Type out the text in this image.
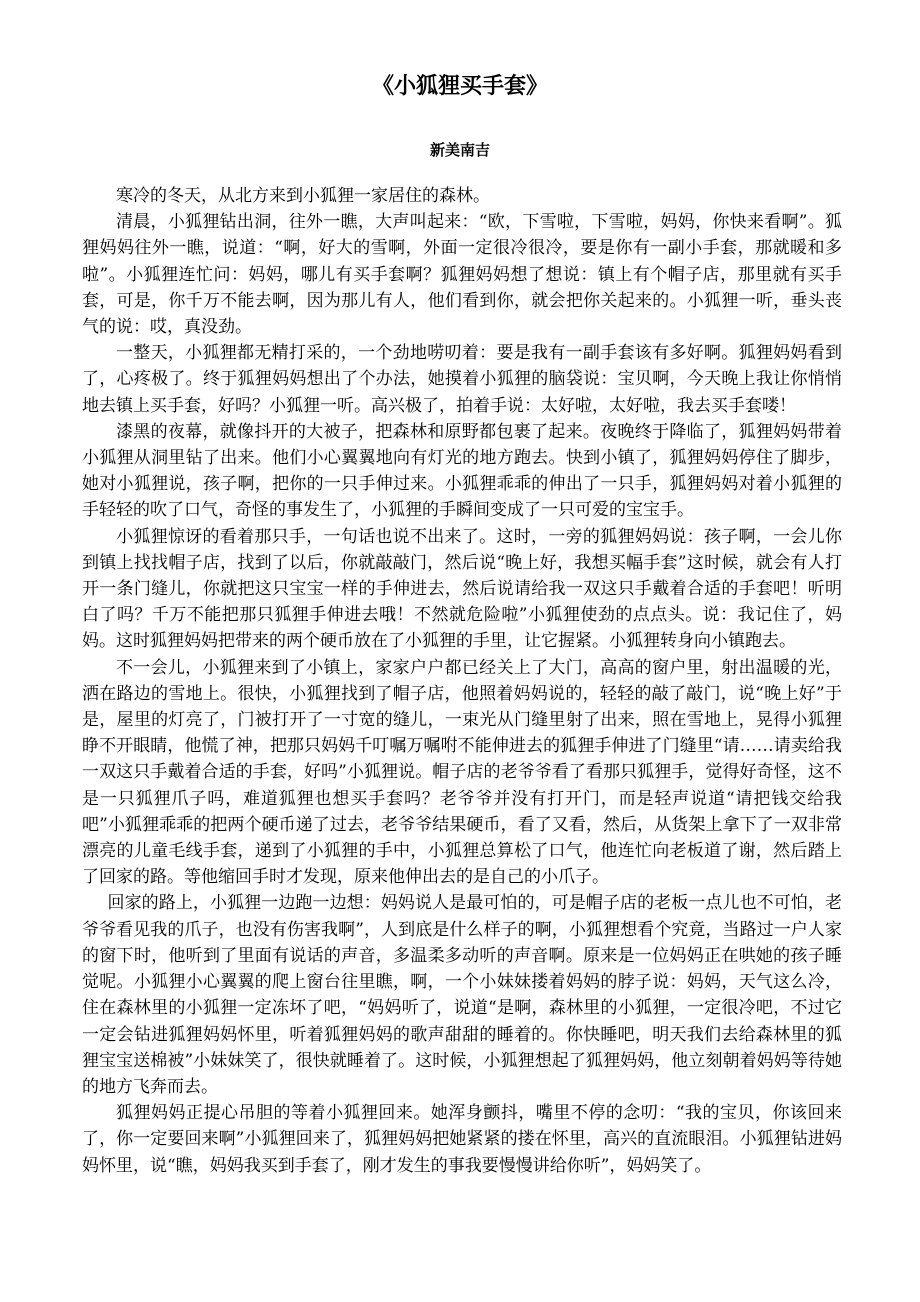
《小狐狸买手套》
新美南吉

寒冷的冬天，从北方来到小狐狸一家居住的森林。

清晨，小狐狸钻出洞，往外一瞧，大声叫起来：“欧，下雪啦，下雪啦，妈妈，你快来看啊”。狐狸妈妈往外一瞧，说道：“啊，好大的雪啊，外面一定很冷很冷，要是你有一副小手套，那就暖和多啦”。小狐狸连忙问：妈妈，哪儿有买手套啊？狐狸妈妈想了想说：镇上有个帽子店，那里就有买手套，可是，你千万不能去啊，因为那儿有人，他们看到你，就会把你关起来的。小狐狸一听，垂头丧气的说：哎，真没劲。

一整天，小狐狸都无精打采的，一个劲地唠叨着：要是我有一副手套该有多好啊。狐狸妈妈看到了，心疼极了。终于狐狸妈妈想出了个办法，她摸着小狐狸的脑袋说：宝贝啊，今天晚上我让你悄悄地去镇上买手套，好吗？小狐狸一听。高兴极了，拍着手说：太好啦，太好啦，我去买手套喽！

漆黑的夜幕，就像抖开的大被子，把森林和原野都包裹了起来。夜晚终于降临了，狐狸妈妈带着小狐狸从洞里钻了出来。他们小心翼翼地向有灯光的地方跑去。快到小镇了，狐狸妈妈停住了脚步，她对小狐狸说，孩子啊，把你的一只手伸过来。小狐狸乖乖的伸出了一只手，狐狸妈妈对着小狐狸的手轻轻的吹了口气，奇怪的事发生了，小狐狸的手瞬间变成了一只可爱的宝宝手。

小狐狸惊讶的看着那只手，一句话也说不出来了。这时，一旁的狐狸妈妈说：孩子啊，一会儿你到镇上找找帽子店，找到了以后，你就敲敲门，然后说“晚上好，我想买幅手套”这时候，就会有人打开一条门缝儿，你就把这只宝宝一样的手伸进去，然后说请给我一双这只手戴着合适的手套吧！听明白了吗？千万不能把那只狐狸手伸进去哦！不然就危险啦”小狐狸使劲的点点头。说：我记住了，妈妈。这时狐狸妈妈把带来的两个硬币放在了小狐狸的手里，让它握紧。小狐狸转身向小镇跑去。

不一会儿，小狐狸来到了小镇上，家家户户都已经关上了大门，高高的窗户里，射出温暖的光，洒在路边的雪地上。很快，小狐狸找到了帽子店，他照着妈妈说的，轻轻的敲了敲门，说“晚上好”于是，屋里的灯亮了，门被打开了一寸宽的缝儿，一束光从门缝里射了出来，照在雪地上，晃得小狐狸睁不开眼睛，他慌了神，把那只妈妈千叮嘱万嘱咐不能伸进去的狐狸手伸进了门缝里“请……请卖给我一双这只手戴着合适的手套，好吗”小狐狸说。帽子店的老爷爷看了看那只狐狸手，觉得好奇怪，这不是一只狐狸爪子吗，难道狐狸也想买手套吗？老爷爷并没有打开门，而是轻声说道“请把钱交给我吧”小狐狸乖乖的把两个硬币递了过去，老爷爷结果硬币，看了又看，然后，从货架上拿下了一双非常漂亮的儿童毛线手套，递到了小狐狸的手中，小狐狸总算松了口气，他连忙向老板道了谢，然后踏上了回家的路。等他缩回手时才发现，原来他伸出去的是自己的小爪子。

回家的路上，小狐狸一边跑一边想：妈妈说人是最可怕的，可是帽子店的老板一点儿也不可怕，老爷爷看见我的爪子，也没有伤害我啊”，人到底是什么样子的啊，小狐狸想看个究竟，当路过一户人家的窗下时，他听到了里面有说话的声音，多温柔多动听的声音啊。原来是一位妈妈正在哄她的孩子睡觉呢。小狐狸小心翼翼的爬上窗台往里瞧，啊，一个小妹妹搂着妈妈的脖子说：妈妈，天气这么冷，住在森林里的小狐狸一定冻坏了吧，“妈妈听了，说道“是啊，森林里的小狐狸，一定很冷吧，不过它一定会钻进狐狸妈妈怀里，听着狐狸妈妈的歌声甜甜的睡着的。你快睡吧，明天我们去给森林里的狐狸宝宝送棉被”小妹妹笑了，很快就睡着了。这时候，小狐狸想起了狐狸妈妈，他立刻朝着妈妈等待她的地方飞奔而去。

狐狸妈妈正提心吊胆的等着小狐狸回来。她浑身颤抖，嘴里不停的念叨：“我的宝贝，你该回来了，你一定要回来啊”小狐狸回来了，狐狸妈妈把她紧紧的搂在怀里，高兴的直流眼泪。小狐狸钻进妈妈怀里，说“瞧，妈妈我买到手套了，刚才发生的事我要慢慢讲给你听”，妈妈笑了。
